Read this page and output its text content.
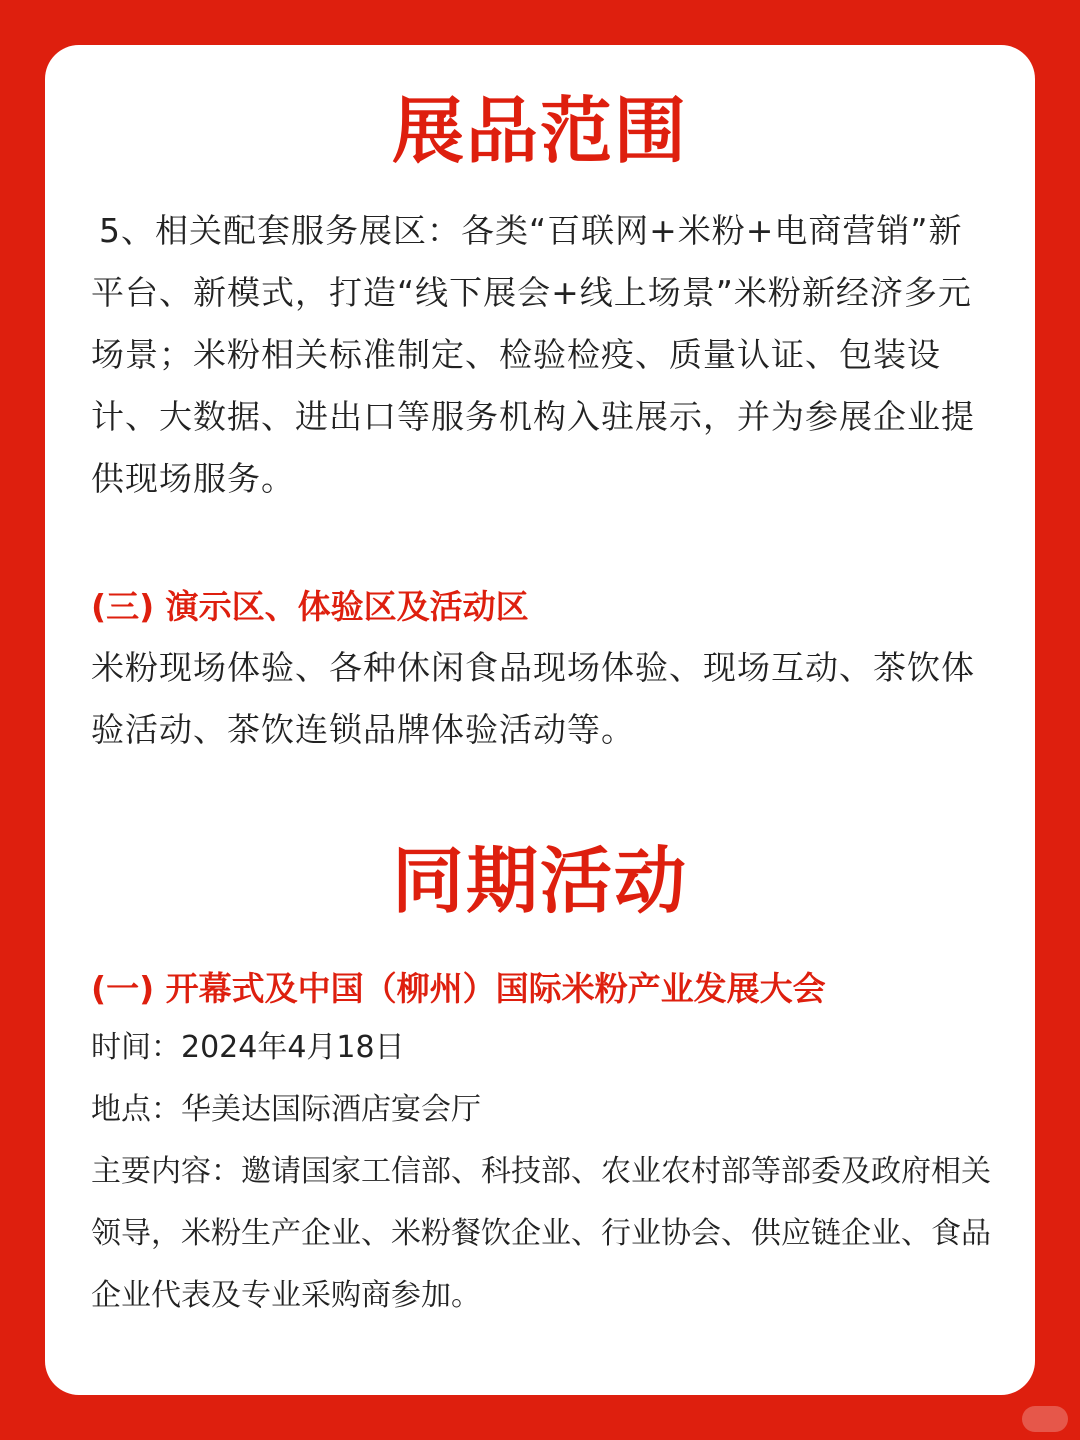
展品范围

5、相关配套服务展区：各类“百联网+米粉+电商营销”新平台、新模式，打造“线下展会+线上场景”米粉新经济多元场景；米粉相关标准制定、检验检疫、质量认证、包装设计、大数据、进出口等服务机构入驻展示，并为参展企业提供现场服务。

(三) 演示区、体验区及活动区

米粉现场体验、各种休闲食品现场体验、现场互动、茶饮体验活动、茶饮连锁品牌体验活动等。

同期活动
(一) 开幕式及中国（柳州）国际米粉产业发展大会

时间：2024年4月18日

地点：华美达国际酒店宴会厅

主要内容：邀请国家工信部、科技部、农业农村部等部委及政府相关领导，米粉生产企业、米粉餐饮企业、行业协会、供应链企业、食品企业代表及专业采购商参加。
